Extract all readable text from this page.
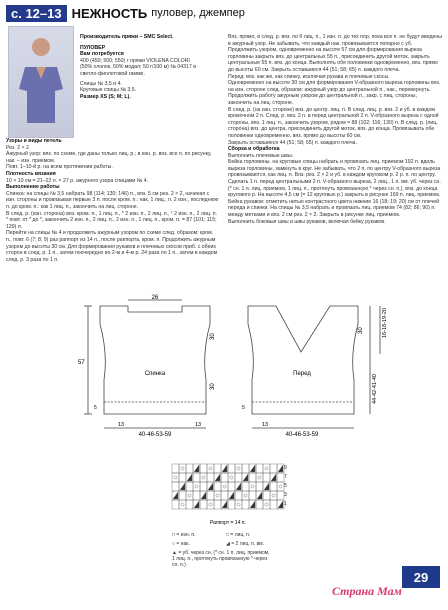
с. 12–13 НЕЖНОСТЬ пуловер, джемпер
Производитель пряжи – SMC Select.
ПУЛОВЕР
Вам потребуется
400 (450; 500; 550) г пряжи VIOLENA COLORI (50% хлопок, 50% модал; 50 г/100 м) № 04317 в светло-фиолетовой гамме.
Спицы № 3,5 и 4.
Круговые спицы № 3,5.
Размер XS (S; M; L).

Узоры и виды петель

Рез. 2 × 2.

Ажурный узор: вяз. по схеме, где даны только лиц. р.; в изн. р. вяз. все п. по рисунку, нак. – изн. приемом.

Повт. 1–10-й р. на всем протяжении работы.

Плотность вязания

10 × 10 см = 21–22 п. × 27 р. ажурного узора спицами № 4.

Выполнение работы

Спинка: на спицы № 3,5 набрать 98 (114; 130; 146) п., вяз. 5 см рез. 2 × 2, начиная с изн. стороны и провязывая первые 3 п. после кром. п.: нак, 1 лиц., п. 2 изн., последнюю п. до кром. п.: как 1 лиц. п., закончить на лиц. стороне.

В след. р. (изн. сторона) вяз. кром. п., 1 лиц. п., * 2 изн. п., 2 лиц. п., ¹ 2 изн. п., 2 лиц. п. * повт. от * до *, закончить 2 изн. п., 2 лиц. п., 2 изн. п., 1 лиц. п., кром. п. = 87 (101; 115; 129) п.

Перейти на спицы № 4 и продолжить ажурным узором по схеме след. образом: кром. п., повт. 6 (7; 8; 9) раз раппорт из 14 п., после раппорта, кром. п. Продолжить ажурным узором до высоты 30 см. Для формирования рукавов и плечевых скосов приб. с обеих сторон в след. р. 1 п., затем поочередно во 2-м и 4-м р. 24 раза по 1 п., затем в каждом след. р. 3 раза по 1 п.

Вяз. прямо, в след. р. вяз. по 6 лиц. п., 1 изн. п. до тех пор, пока все п. не будут введены в ажурный узор. Не забывать, что каждый нак. провязывается попарно с уб. Продолжить узором, одновременно на высоте 57 см для формирования выреза горловины закрыть вяз. до центральных 55 п., присоединить другой моток, закрыть центральные 55 п. вяз. до конца. Выполнять обе половинки одновременно, вяз. прямо до высоты 60 см. Закрыть оставшиеся 44 (51; 58; 65) п. каждого плеча.

Перед: вяз. как же, как спинку, исключая рукава и плечевые скосы.

Одновременно на высоте 30 см для формирования V-образного выреза горловины вяз. на изн. стороне след. образом: ажурный узор до центральной п., нак., перевернуть. Продолжить работу ажурным узором до центральной п., закр. с лиц. стороны, закончить на лиц. стороне.

В след. р. (на изн. стороне) вяз. до центр. лиц. п. В след. лиц. р. вяз. 2 и уб. в каждом кромочном 2 п. След. р. вяз. 2 п. в перед центральной 2 п. V-образного выреза с одной стороны, вяз. 1 лиц. п., закончить узором, рядом = 88 (102; 116; 130) п. В след. р. (лиц. сторона) вяз. до центра, присоединить другой моток, вяз. до конца. Провязывать обе половинки одновременно, вяз. прямо до высоты 60 см.

Закрыть оставшиеся 44 (51; 58; 65) п. каждого плеча.

Сборка и обработка

Выполнить плечевые швы.

Бейка горловины. на круговые спицы набрать и провязать лиц. приемом 192 п. вдоль выреза горловины, замкнуть в круг. Не забывать, что 2 п. по центру V-образного выреза провязываются, как лиц. п. Вяз. рез. 2 × 2 и уб. в каждом круговом р. 2 р. п. по центру. Сделать 1 п. перед центральными 2 п. V-образного выреза, 2 лиц., 1 п. вм. уб. через сн. (* сн. 1 п. лиц. приемом, 1 лиц. п., протянуть провязанную * через сн. п.), вяз. до конца кругового р. На высоте 4,5 см (= 12 круговых р.) закрыть в рисунке 169 п. лиц. приемом.

Бейка рукавов: отметить нитью контрастного цвета нижние 16 (18; 19; 20) см от плечей переда и спинки. На спицы № 3,5 набрать и провязать лиц. приемом 74 (82; 86; 90) п. между метками и вяз. 2 см рез. 2 × 2. Закрыть в рисунке лиц. приемом.

Выполнить боковые швы и швы рукавов, включая бейку рукавов.

26
57
30
30
30	16-18-19-20
44-42-41-40
Спинка	Перед
13	13	13
40-46-53-59	40-46-53-59
5	5
Раппорт = 14 п.
9
7
5
3
1
□ = изн. п.
○ = нак.
▲ = уб. через сн. (* сн. 1 п. лиц. приемом, 1 лиц. п., протянуть провязанную * через сн. п.)
□ = лиц. п.
◢ = 2 лиц. п. вм.
29
Страна Мам
